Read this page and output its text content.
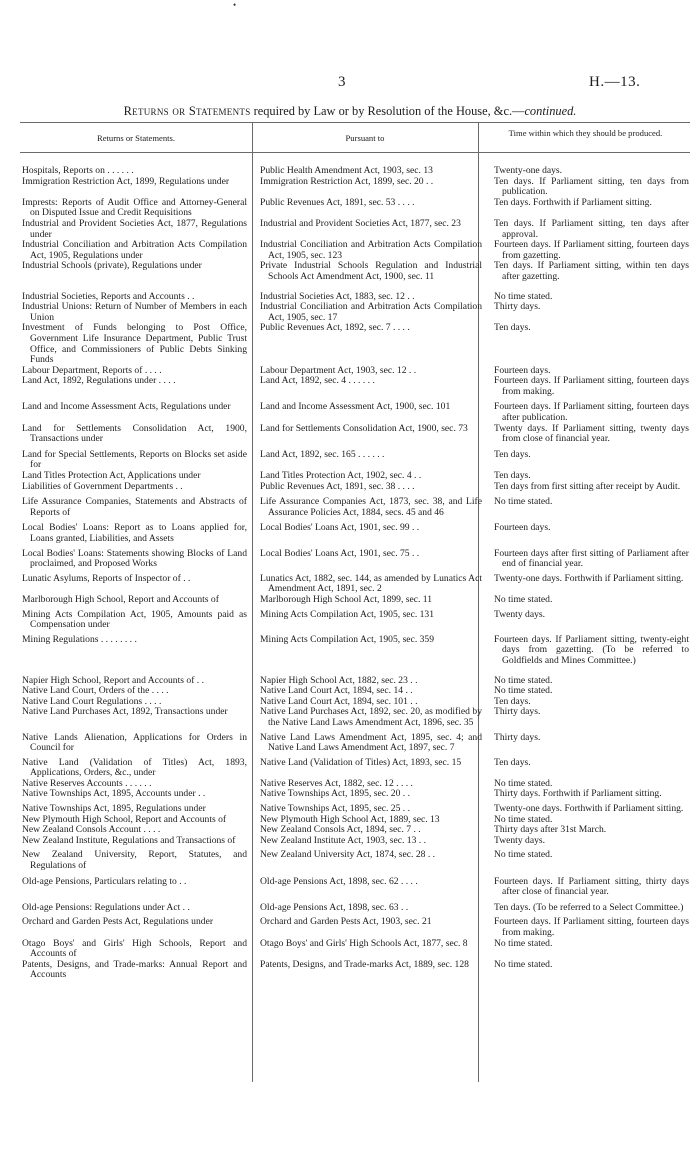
3	H.—13.
Returns or Statements required by Law or by Resolution of the House, &c.—continued.
Returns or Statements.	Pursuant to	Time within which they should be produced.

Hospitals, Reports on . . . . . .	Public Health Amendment Act, 1903, sec. 13	Twenty-one days.

Immigration Restriction Act, 1899, Regulations under	Immigration Restriction Act, 1899, sec. 20 . .	Ten days. If Parliament sitting, ten days from publication.

Imprests: Reports of Audit Office and Attorney-General on Disputed Issue and Credit Requisitions	Public Revenues Act, 1891, sec. 53 . . . .	Ten days. Forthwith if Parliament sitting.

Industrial and Provident Societies Act, 1877, Regulations under	Industrial and Provident Societies Act, 1877, sec. 23	Ten days. If Parliament sitting, ten days after approval.

Industrial Conciliation and Arbitration Acts Compilation Act, 1905, Regulations under	Industrial Conciliation and Arbitration Acts Compilation Act, 1905, sec. 123	Fourteen days. If Parliament sitting, fourteen days from gazetting.

Industrial Schools (private), Regulations under	Private Industrial Schools Regulation and Industrial Schools Act Amendment Act, 1900, sec. 11	Ten days. If Parliament sitting, within ten days after gazetting.

Industrial Societies, Reports and Accounts . .	Industrial Societies Act, 1883, sec. 12 . .	No time stated.

Industrial Unions: Return of Number of Members in each Union	Industrial Conciliation and Arbitration Acts Compilation Act, 1905, sec. 17	Thirty days.

Investment of Funds belonging to Post Office, Government Life Insurance Department, Public Trust Office, and Commissioners of Public Debts Sinking Funds	Public Revenues Act, 1892, sec. 7 . . . .	Ten days.

Labour Department, Reports of . . . .	Labour Department Act, 1903, sec. 12 . .	Fourteen days.

Land Act, 1892, Regulations under . . . .	Land Act, 1892, sec. 4 . . . . . .	Fourteen days. If Parliament sitting, fourteen days from making.

Land and Income Assessment Acts, Regulations under	Land and Income Assessment Act, 1900, sec. 101	Fourteen days. If Parliament sitting, fourteen days after publication.

Land for Settlements Consolidation Act, 1900, Transactions under	Land for Settlements Consolidation Act, 1900, sec. 73	Twenty days. If Parliament sitting, twenty days from close of financial year.

Land for Special Settlements, Reports on Blocks set aside for	Land Act, 1892, sec. 165 . . . . . .	Ten days.

Land Titles Protection Act, Applications under	Land Titles Protection Act, 1902, sec. 4 . .	Ten days.

Liabilities of Government Departments . .	Public Revenues Act, 1891, sec. 38 . . . .	Ten days from first sitting after receipt by Audit.

Life Assurance Companies, Statements and Abstracts of Reports of	Life Assurance Companies Act, 1873, sec. 38, and Life Assurance Policies Act, 1884, secs. 45 and 46	No time stated.

Local Bodies' Loans: Report as to Loans applied for, Loans granted, Liabilities, and Assets	Local Bodies' Loans Act, 1901, sec. 99 . .	Fourteen days.

Local Bodies' Loans: Statements showing Blocks of Land proclaimed, and Proposed Works	Local Bodies' Loans Act, 1901, sec. 75 . .	Fourteen days after first sitting of Parliament after end of financial year.

Lunatic Asylums, Reports of Inspector of . .	Lunatics Act, 1882, sec. 144, as amended by Lunatics Act Amendment Act, 1891, sec. 2	Twenty-one days. Forthwith if Parliament sitting.

Marlborough High School, Report and Accounts of	Marlborough High School Act, 1899, sec. 11	No time stated.

Mining Acts Compilation Act, 1905, Amounts paid as Compensation under	Mining Acts Compilation Act, 1905, sec. 131	Twenty days.

Mining Regulations . . . . . . . .	Mining Acts Compilation Act, 1905, sec. 359	Fourteen days. If Parliament sitting, twenty-eight days from gazetting. (To be referred to Goldfields and Mines Committee.)

Napier High School, Report and Accounts of . .	Napier High School Act, 1882, sec. 23 . .	No time stated.

Native Land Court, Orders of the . . . .	Native Land Court Act, 1894, sec. 14 . .	No time stated.

Native Land Court Regulations . . . .	Native Land Court Act, 1894, sec. 101 . .	Ten days.

Native Land Purchases Act, 1892, Transactions under	Native Land Purchases Act, 1892, sec. 20, as modified by the Native Land Laws Amendment Act, 1896, sec. 35	Thirty days.

Native Lands Alienation, Applications for Orders in Council for	Native Land Laws Amendment Act, 1895, sec. 4; and Native Land Laws Amendment Act, 1897, sec. 7	Thirty days.

Native Land (Validation of Titles) Act, 1893, Applications, Orders, &c., under	Native Land (Validation of Titles) Act, 1893, sec. 15	Ten days.

Native Reserves Accounts . . . . . .	Native Reserves Act, 1882, sec. 12 . . . .	No time stated.

Native Townships Act, 1895, Accounts under . .	Native Townships Act, 1895, sec. 20 . .	Thirty days. Forthwith if Parliament sitting.

Native Townships Act, 1895, Regulations under	Native Townships Act, 1895, sec. 25 . .	Twenty-one days. Forthwith if Parliament sitting.

New Plymouth High School, Report and Accounts of	New Plymouth High School Act, 1889, sec. 13	No time stated.

New Zealand Consols Account . . . .	New Zealand Consols Act, 1894, sec. 7 . .	Thirty days after 31st March.

New Zealand Institute, Regulations and Transactions of	New Zealand Institute Act, 1903, sec. 13 . .	Twenty days.

New Zealand University, Report, Statutes, and Regulations of	New Zealand University Act, 1874, sec. 28 . .	No time stated.

Old-age Pensions, Particulars relating to . .	Old-age Pensions Act, 1898, sec. 62 . . . .	Fourteen days. If Parliament sitting, thirty days after close of financial year.

Old-age Pensions: Regulations under Act . .	Old-age Pensions Act, 1898, sec. 63 . .	Ten days. (To be referred to a Select Committee.)

Orchard and Garden Pests Act, Regulations under	Orchard and Garden Pests Act, 1903, sec. 21	Fourteen days. If Parliament sitting, fourteen days from making.

Otago Boys' and Girls' High Schools, Report and Accounts of	Otago Boys' and Girls' High Schools Act, 1877, sec. 8	No time stated.

Patents, Designs, and Trade-marks: Annual Report and Accounts	Patents, Designs, and Trade-marks Act, 1889, sec. 128	No time stated.

•
